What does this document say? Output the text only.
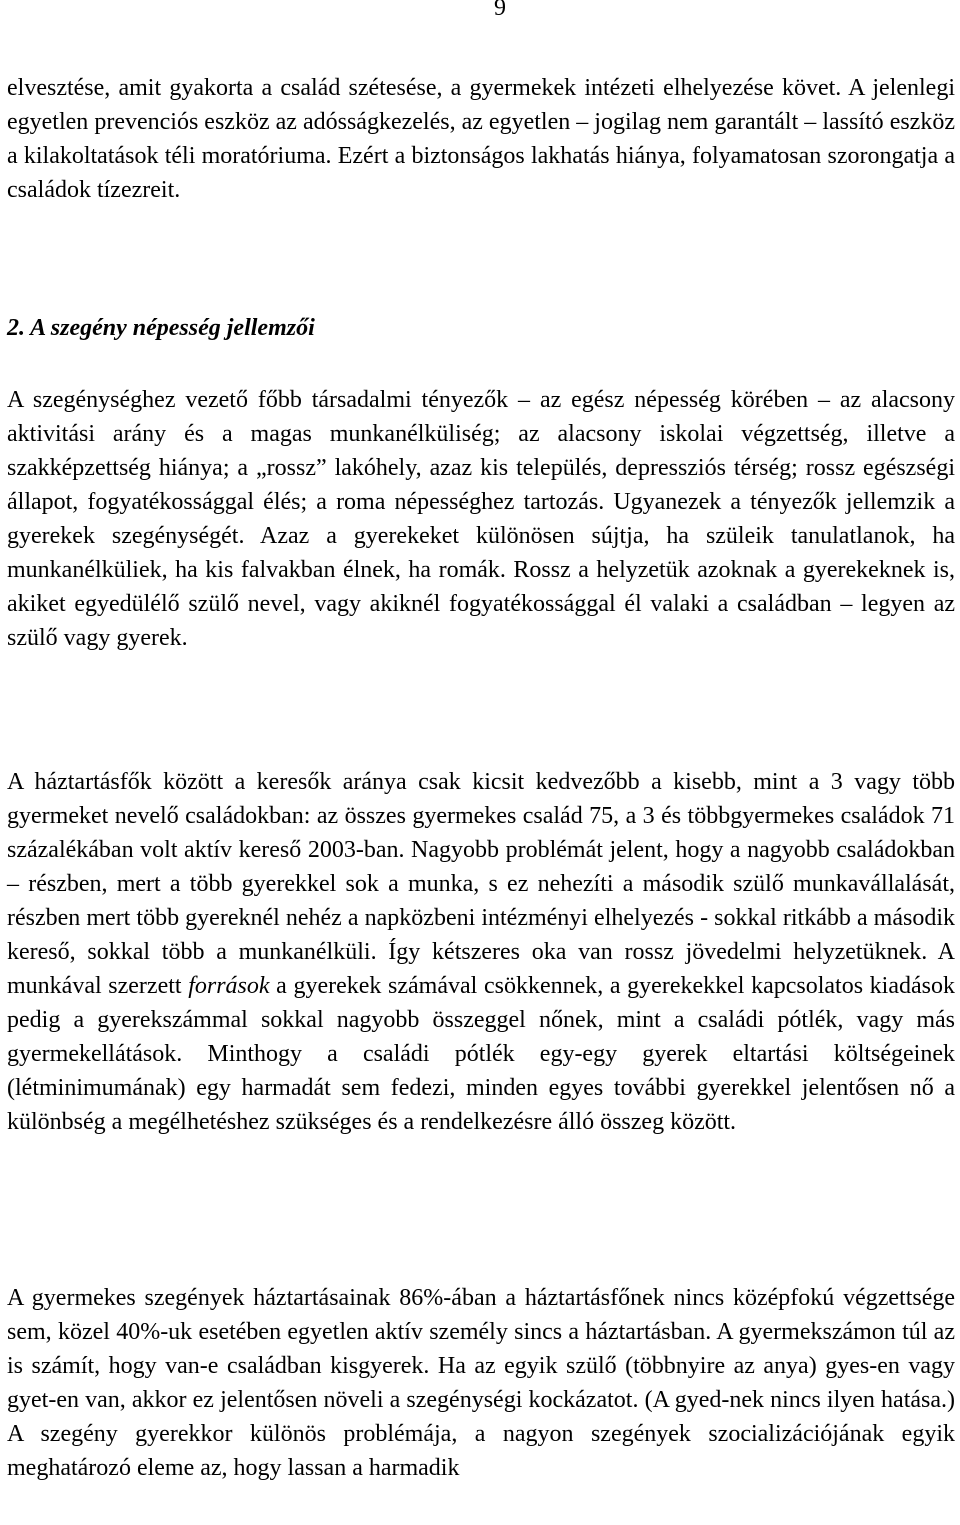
9

elvesztése, amit gyakorta a család szétesése, a gyermekek intézeti elhelyezése követ. A jelenlegi egyetlen prevenciós eszköz az adósságkezelés, az egyetlen – jogilag nem garantált – lassító eszköz a kilakoltatások téli moratóriuma. Ezért a biztonságos lakhatás hiánya, folyamatosan szorongatja a családok tízezreit.

2. A szegény népesség jellemzői

A szegénységhez vezető főbb társadalmi tényezők – az egész népesség körében – az alacsony aktivitási arány és a magas munkanélküliség; az alacsony iskolai végzettség, illetve a szakképzettség hiánya; a „rossz” lakóhely, azaz kis település, depressziós térség; rossz egészségi állapot, fogyatékossággal élés; a roma népességhez tartozás. Ugyanezek a tényezők jellemzik a gyerekek szegénységét. Azaz a gyerekeket különösen sújtja, ha szüleik tanulatlanok, ha munkanélküliek, ha kis falvakban élnek, ha romák. Rossz a helyzetük azoknak a gyerekeknek is, akiket egyedülélő szülő nevel, vagy akiknél fogyatékossággal él valaki a családban – legyen az szülő vagy gyerek.

A háztartásfők között a keresők aránya csak kicsit kedvezőbb a kisebb, mint a 3 vagy több gyermeket nevelő családokban: az összes gyermekes család 75, a 3 és többgyermekes családok 71 százalékában volt aktív kereső 2003-ban. Nagyobb problémát jelent, hogy a nagyobb családokban – részben, mert a több gyerekkel sok a munka, s ez nehezíti a második szülő munkavállalását, részben mert több gyereknél nehéz a napközbeni intézményi elhelyezés - sokkal ritkább a második kereső, sokkal több a munkanélküli. Így kétszeres oka van rossz jövedelmi helyzetüknek. A munkával szerzett források a gyerekek számával csökkennek, a gyerekekkel kapcsolatos kiadások pedig a gyerekszámmal sokkal nagyobb összeggel nőnek, mint a családi pótlék, vagy más gyermekellátások. Minthogy a családi pótlék egy-egy gyerek eltartási költségeinek (létminimumának) egy harmadát sem fedezi, minden egyes további gyerekkel jelentősen nő a különbség a megélhetéshez szükséges és a rendelkezésre álló összeg között.

A gyermekes szegények háztartásainak 86%-ában a háztartásfőnek nincs középfokú végzettsége sem, közel 40%-uk esetében egyetlen aktív személy sincs a háztartásban. A gyermekszámon túl az is számít, hogy van-e családban kisgyerek. Ha az egyik szülő (többnyire az anya) gyes-en vagy gyet-en van, akkor ez jelentősen növeli a szegénységi kockázatot. (A gyed-nek nincs ilyen hatása.) A szegény gyerekkor különös problémája, a nagyon szegények szocializációjának egyik meghatározó eleme az, hogy lassan a harmadik
